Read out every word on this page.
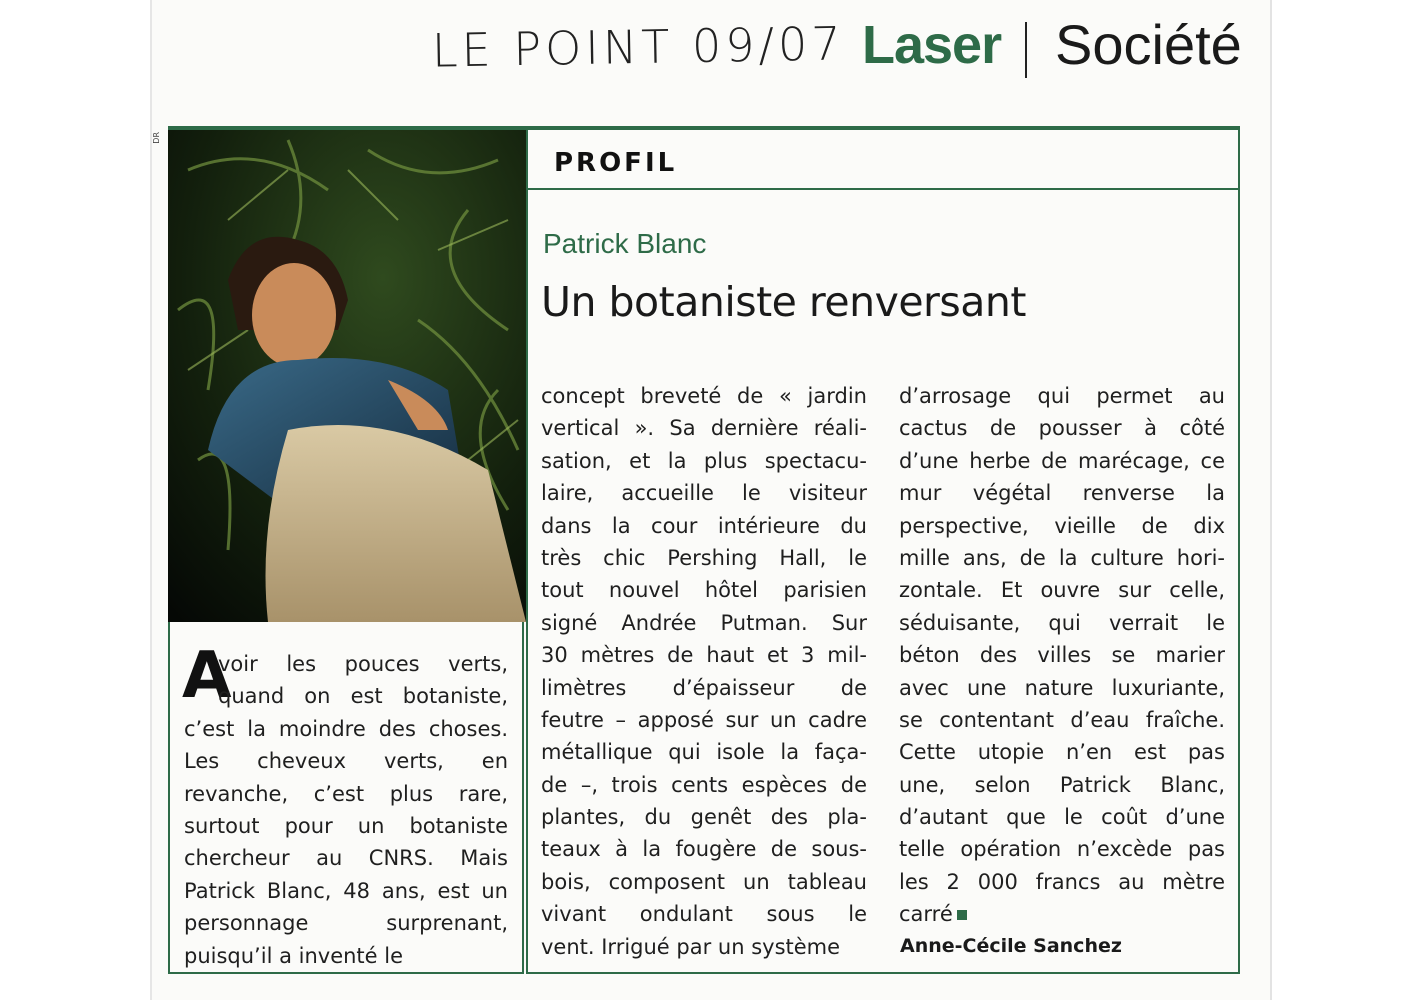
LE POINT 09/07 Laser Société
DR
PROFIL
Patrick Blanc
Un botaniste renversant
A
voir les pouces verts,
quand on est botaniste,
c’est la moindre des choses.
Les cheveux verts, en
revanche, c’est plus rare,
surtout pour un botaniste
chercheur au CNRS. Mais
Patrick Blanc, 48 ans, est un
personnage surprenant,
puisqu’il a inventé le
concept breveté de « jardin
vertical ». Sa dernière réali-
sation, et la plus spectacu-
laire, accueille le visiteur
dans la cour intérieure du
très chic Pershing Hall, le
tout nouvel hôtel parisien
signé Andrée Putman. Sur
30 mètres de haut et 3 mil-
limètres d’épaisseur de
feutre – apposé sur un cadre
métallique qui isole la faça-
de –, trois cents espèces de
plantes, du genêt des pla-
teaux à la fougère de sous-
bois, composent un tableau
vivant ondulant sous le
vent. Irrigué par un système
d’arrosage qui permet au
cactus de pousser à côté
d’une herbe de marécage, ce
mur végétal renverse la
perspective, vieille de dix
mille ans, de la culture hori-
zontale. Et ouvre sur celle,
séduisante, qui verrait le
béton des villes se marier
avec une nature luxuriante,
se contentant d’eau fraîche.
Cette utopie n’en est pas
une, selon Patrick Blanc,
d’autant que le coût d’une
telle opération n’excède pas
les 2 000 francs au mètre
carré
Anne-Cécile Sanchez
